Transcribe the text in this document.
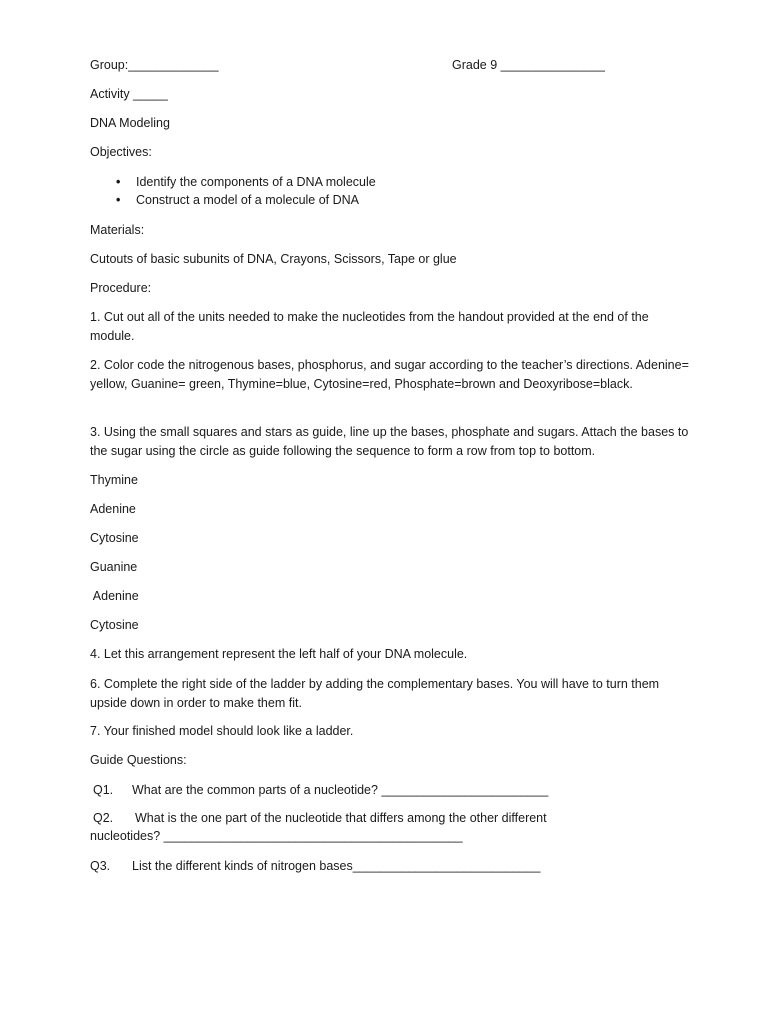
Group:_____________	Grade 9 _______________
Activity _____
DNA Modeling
Objectives:
• Identify the components of a DNA molecule
• Construct a model of a molecule of DNA
Materials:
Cutouts of basic subunits of DNA, Crayons, Scissors, Tape or glue
Procedure:
1. Cut out all of the units needed to make the nucleotides from the handout provided at the end of the module.
2. Color code the nitrogenous bases, phosphorus, and sugar according to the teacher’s directions. Adenine= yellow, Guanine= green, Thymine=blue, Cytosine=red, Phosphate=brown and Deoxyribose=black.
3. Using the small squares and stars as guide, line up the bases, phosphate and sugars. Attach the bases to the sugar using the circle as guide following the sequence to form a row from top to bottom.
Thymine
Adenine
Cytosine
Guanine
Adenine
Cytosine
4. Let this arrangement represent the left half of your DNA molecule.
6. Complete the right side of the ladder by adding the complementary bases. You will have to turn them upside down in order to make them fit.
7. Your finished model should look like a ladder.
Guide Questions:
Q1. What are the common parts of a nucleotide? ________________________
Q2. What is the one part of the nucleotide that differs among the other different
nucleotides? ___________________________________________
Q3. List the different kinds of nitrogen bases___________________________
